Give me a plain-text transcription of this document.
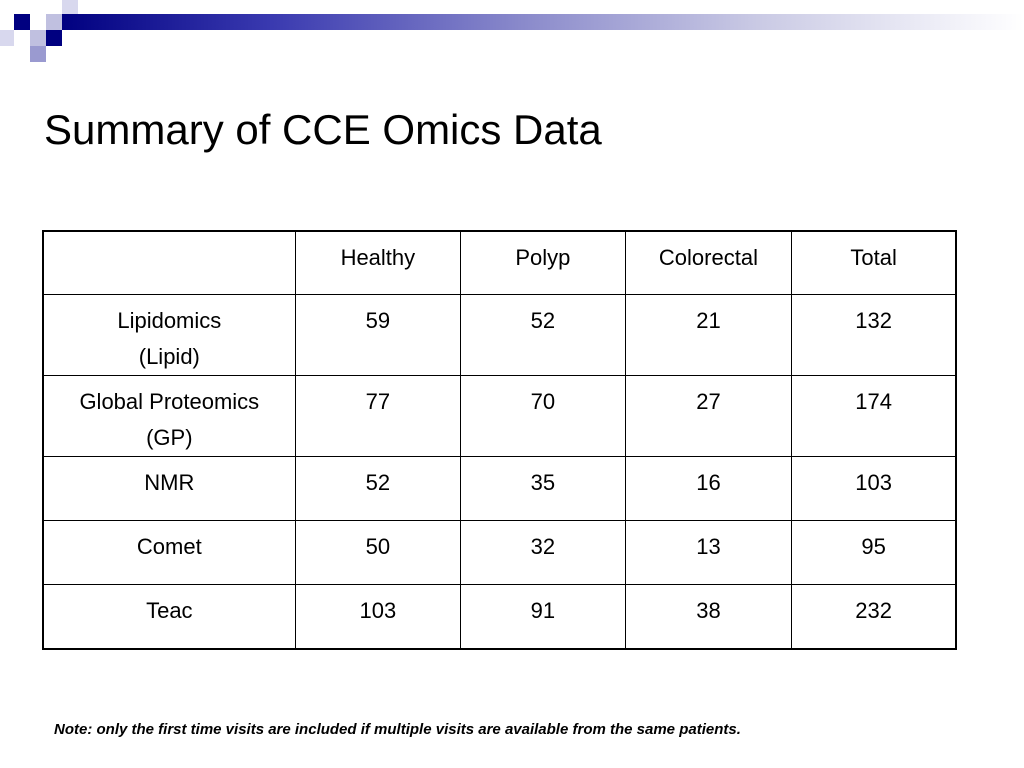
Summary of CCE Omics Data
	Healthy	Polyp	Colorectal	Total

Lipidomics
(Lipid)	59	52	21	132

Global Proteomics
(GP)	77	70	27	174
NMR	52	35	16	103
Comet	50	32	13	95
Teac	103	91	38	232

Note: only the first time visits are included if multiple visits are available from the same patients.
